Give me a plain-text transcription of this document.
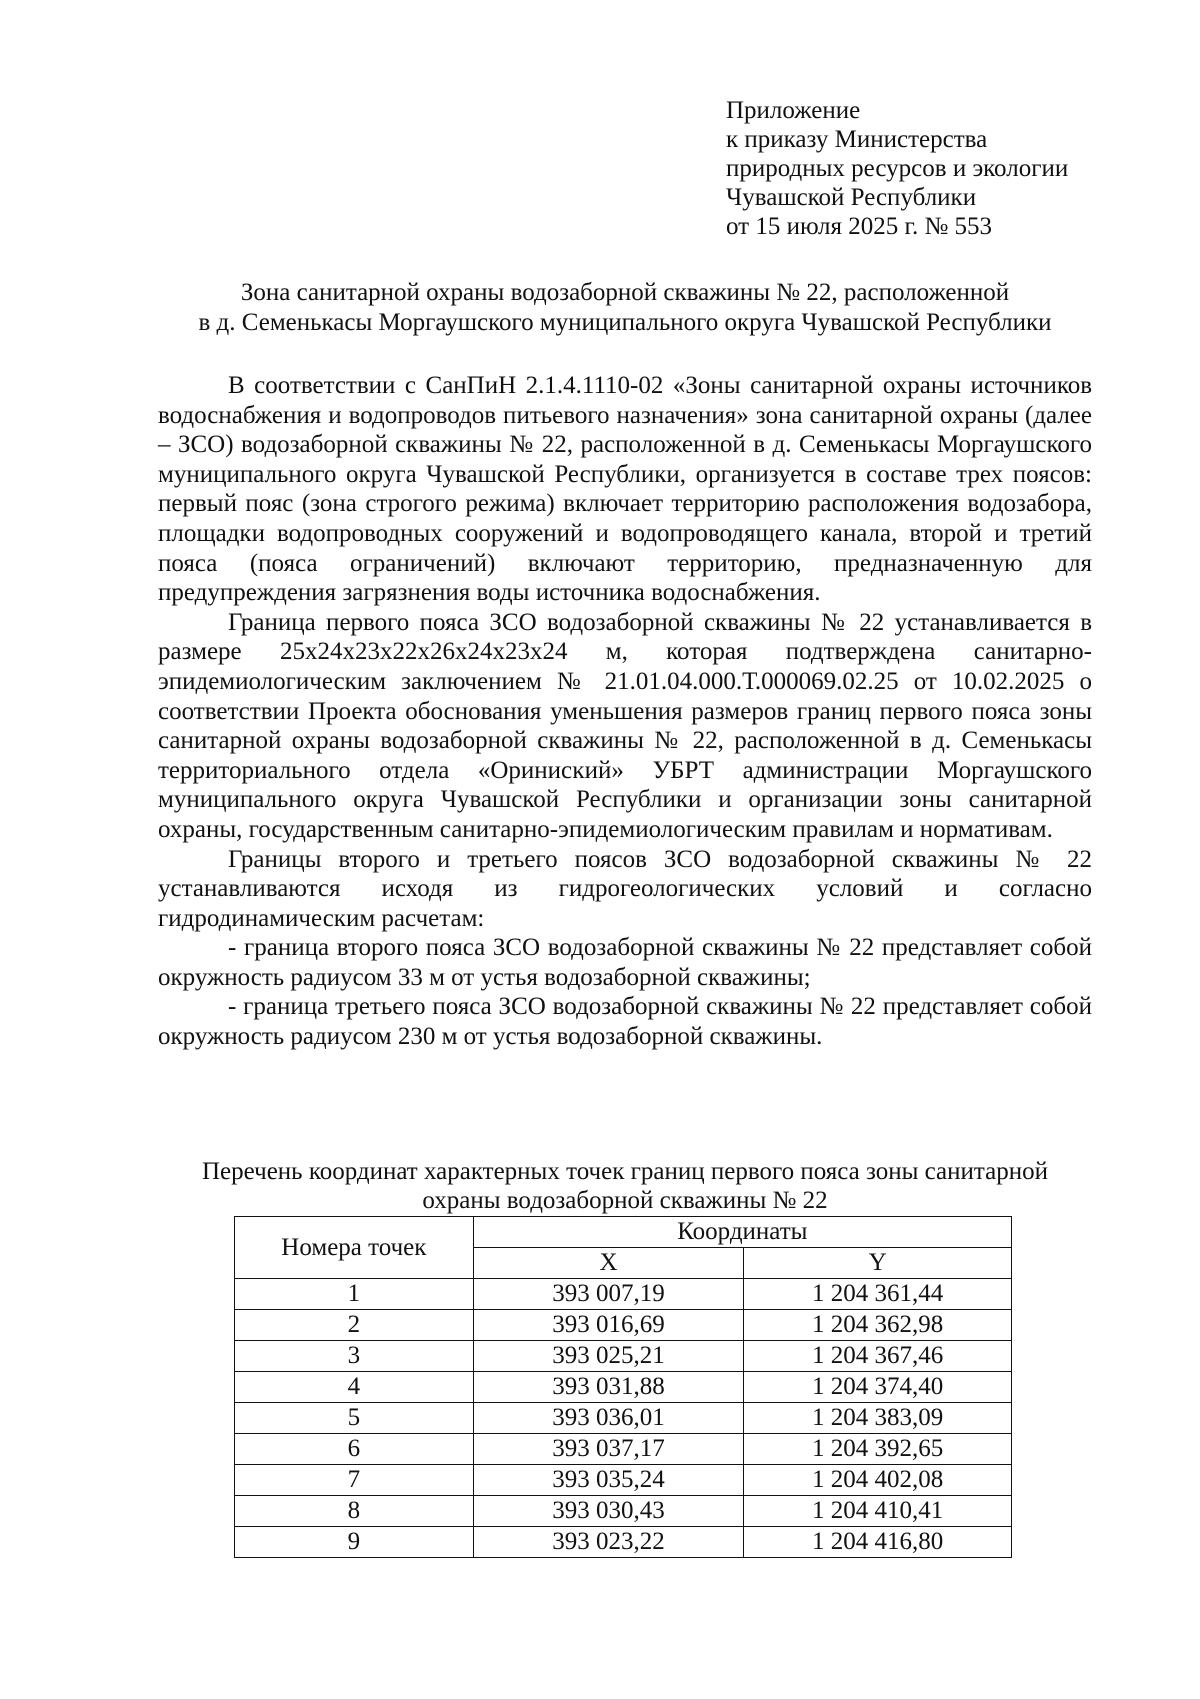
Приложение
к приказу Министерства
природных ресурсов и экологии
Чувашской Республики
от 15 июля 2025 г. № 553
Зона санитарной охраны водозаборной скважины № 22, расположенной
в д. Семенькасы Моргаушского муниципального округа Чувашской Республики

В соответствии с СанПиН 2.1.4.1110-02 «Зоны санитарной охраны источников водоснабжения и водопроводов питьевого назначения» зона санитарной охраны (далее – ЗСО) водозаборной скважины № 22, расположенной в д. Семенькасы Моргаушского муниципального округа Чувашской Республики, организуется в составе трех поясов: первый пояс (зона строгого режима) включает территорию расположения водозабора, площадки водопроводных сооружений и водопроводящего канала, второй и третий пояса (пояса ограничений) включают территорию, предназначенную для предупреждения загрязнения воды источника водоснабжения.

Граница первого пояса ЗСО водозаборной скважины № 22 устанавливается в размере 25х24х23х22х26х24х23х24 м, которая подтверждена санитарно-эпидемиологическим заключением № 21.01.04.000.Т.000069.02.25 от 10.02.2025 о соответствии Проекта обоснования уменьшения размеров границ первого пояса зоны санитарной охраны водозаборной скважины № 22, расположенной в д. Семенькасы территориального отдела «Оринисĸий» УБРТ администрации Моргаушского муниципального округа Чувашской Республики и организации зоны санитарной охраны, государственным санитарно-эпидемиологическим правилам и нормативам.

Границы второго и третьего поясов ЗСО водозаборной скважины № 22 устанавливаются исходя из гидрогеологических условий и согласно гидродинамическим расчетам:

- граница второго пояса ЗСО водозаборной скважины № 22 представляет собой окружность радиусом 33 м от устья водозаборной скважины;

- граница третьего пояса ЗСО водозаборной скважины № 22 представляет собой окружность радиусом 230 м от устья водозаборной скважины.

Перечень координат характерных точек границ первого пояса зоны санитарной
охраны водозаборной скважины № 22
Номера точек	Координаты	
	X	Y
1	393 007,19	1 204 361,44
2	393 016,69	1 204 362,98
3	393 025,21	1 204 367,46
4	393 031,88	1 204 374,40
5	393 036,01	1 204 383,09
6	393 037,17	1 204 392,65
7	393 035,24	1 204 402,08
8	393 030,43	1 204 410,41
9	393 023,22	1 204 416,80
